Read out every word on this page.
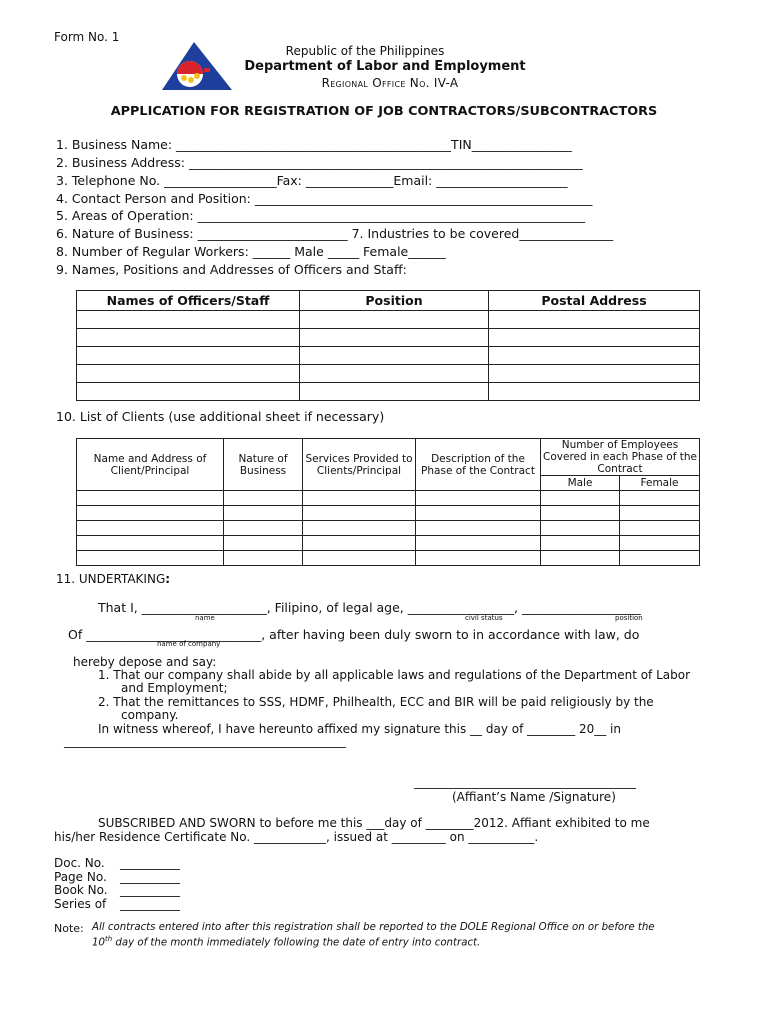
Form No. 1
Republic of the Philippines
Department of Labor and Employment
Regional Office No. IV-A
APPLICATION FOR REGISTRATION OF JOB CONTRACTORS/SUBCONTRACTORS
1. Business Name: ____________________________________________TIN________________
2. Business Address: _______________________________________________________________
3. Telephone No. __________________Fax: ______________Email: _____________________
4. Contact Person and Position: ______________________________________________________
5. Areas of Operation: ______________________________________________________________
6. Nature of Business: ________________________ 7. Industries to be covered_______________
8. Number of Regular Workers: ______ Male _____ Female______
9. Names, Positions and Addresses of Officers and Staff:
Names of Officers/Staff	Position	Postal Address

10. List of Clients (use additional sheet if necessary)
Name and Address of Client/Principal	Nature of Business	Services Provided to Clients/Principal	Description of the Phase of the Contract	Number of Employees Covered in each Phase of the Contract	
				Male	Female

11. UNDERTAKING:
That I, ____________________, Filipino, of legal age, _________________, ___________________
name	civil status	position
Of ____________________________, after having been duly sworn to in accordance with law, do
name of company
hereby depose and say:
1. That our company shall abide by all applicable laws and regulations of the Department of Labor
and Employment;
2. That the remittances to SSS, HDMF, Philhealth, ECC and BIR will be paid religiously by the
company.
In witness whereof, I have hereunto affixed my signature this __ day of ________ 20__ in
_______________________________________________
_____________________________________
(Affiant’s Name /Signature)
SUBSCRIBED AND SWORN to before me this ___day of ________2012. Affiant exhibited to me
his/her Residence Certificate No. ____________, issued at _________ on ___________.
Doc. No. __________
Page No. __________
Book No. __________
Series of __________
Note: All contracts entered into after this registration shall be reported to the DOLE Regional Office on or before the
10th day of the month immediately following the date of entry into contract.
